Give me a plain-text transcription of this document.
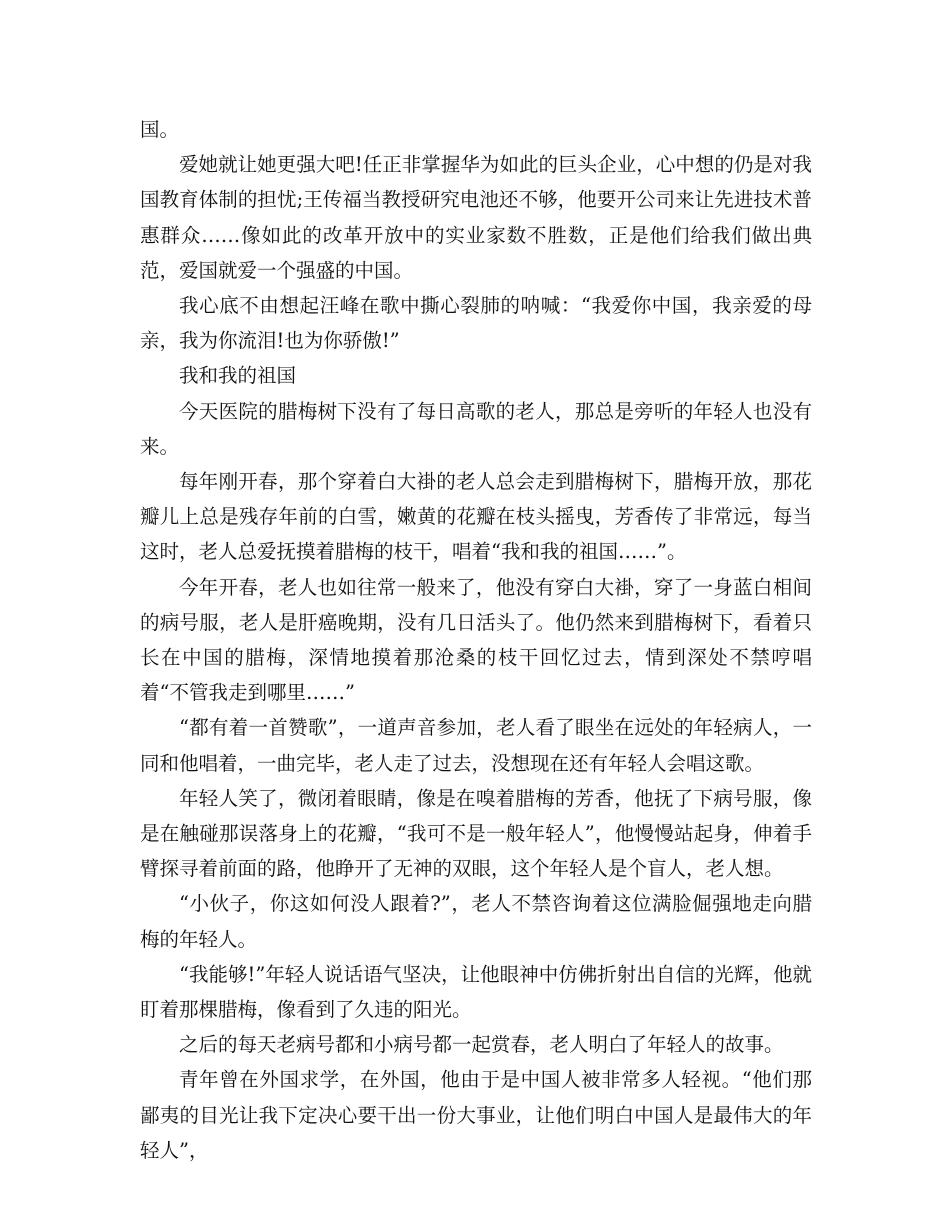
国。

爱她就让她更强大吧!任正非掌握华为如此的巨头企业，心中想的仍是对我国教育体制的担忧;王传福当教授研究电池还不够，他要开公司来让先进技术普惠群众……像如此的改革开放中的实业家数不胜数，正是他们给我们做出典范，爱国就爱一个强盛的中国。

我心底不由想起汪峰在歌中撕心裂肺的呐喊：“我爱你中国，我亲爱的母亲，我为你流泪!也为你骄傲!”

我和我的祖国

今天医院的腊梅树下没有了每日高歌的老人，那总是旁听的年轻人也没有来。

每年刚开春，那个穿着白大褂的老人总会走到腊梅树下，腊梅开放，那花瓣儿上总是残存年前的白雪，嫩黄的花瓣在枝头摇曳，芳香传了非常远，每当这时，老人总爱抚摸着腊梅的枝干，唱着“我和我的祖国……”。

今年开春，老人也如往常一般来了，他没有穿白大褂，穿了一身蓝白相间的病号服，老人是肝癌晚期，没有几日活头了。他仍然来到腊梅树下，看着只长在中国的腊梅，深情地摸着那沧桑的枝干回忆过去，情到深处不禁哼唱着“不管我走到哪里……”

“都有着一首赞歌”，一道声音参加，老人看了眼坐在远处的年轻病人，一同和他唱着，一曲完毕，老人走了过去，没想现在还有年轻人会唱这歌。

年轻人笑了，微闭着眼睛，像是在嗅着腊梅的芳香，他抚了下病号服，像是在触碰那误落身上的花瓣，“我可不是一般年轻人”，他慢慢站起身，伸着手臂探寻着前面的路，他睁开了无神的双眼，这个年轻人是个盲人，老人想。

“小伙子，你这如何没人跟着?”，老人不禁咨询着这位满脸倔强地走向腊梅的年轻人。

“我能够!”年轻人说话语气坚决，让他眼神中仿佛折射出自信的光辉，他就盯着那棵腊梅，像看到了久违的阳光。

之后的每天老病号都和小病号都一起赏春，老人明白了年轻人的故事。

青年曾在外国求学，在外国，他由于是中国人被非常多人轻视。“他们那鄙夷的目光让我下定决心要干出一份大事业，让他们明白中国人是最伟大的年轻人”，
